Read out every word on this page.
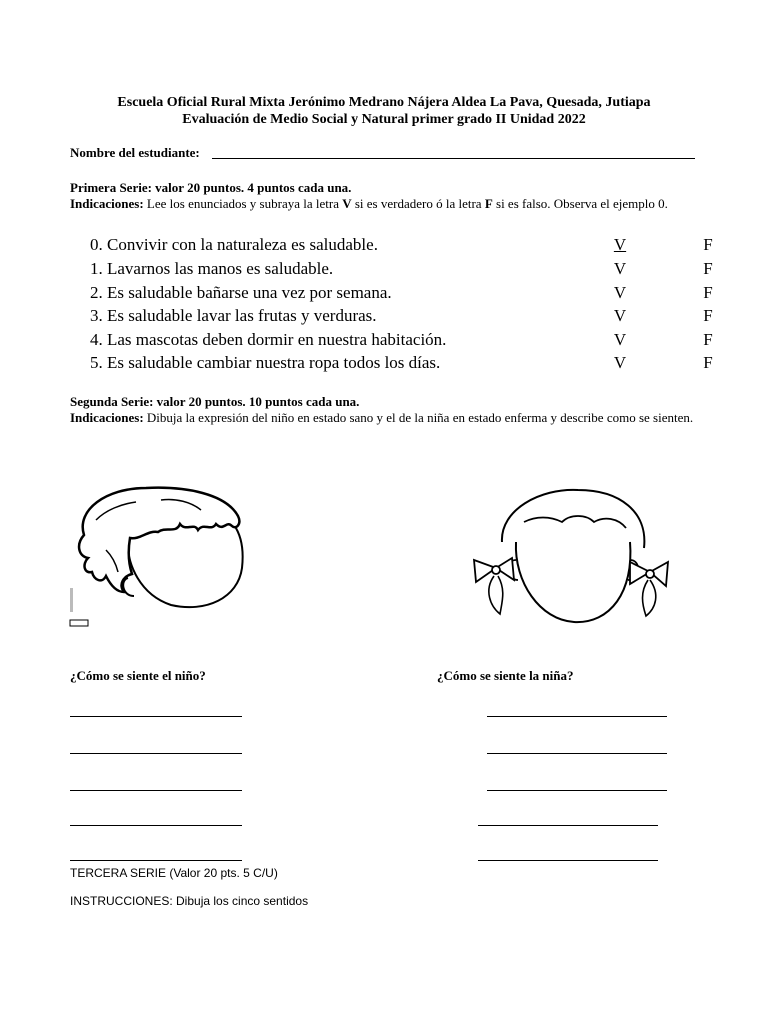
Escuela Oficial Rural Mixta Jerónimo Medrano Nájera Aldea La Pava, Quesada, Jutiapa
Evaluación de Medio Social y Natural primer grado II Unidad 2022
Nombre del estudiante:
Primera Serie: valor 20 puntos. 4 puntos cada una.
Indicaciones: Lee los enunciados y subraya la letra V si es verdadero ó la letra F si es falso. Observa el ejemplo 0.
0. Convivir con la naturaleza es saludable.	V	F
1. Lavarnos las manos es saludable.	V	F
2. Es saludable bañarse una vez por semana.	V	F
3. Es saludable lavar las frutas y verduras.	V	F
4. Las mascotas deben dormir en nuestra habitación.	V	F
5. Es saludable cambiar nuestra ropa todos los días.	V	F
Segunda Serie: valor 20 puntos. 10 puntos cada una.
Indicaciones: Dibuja la expresión del niño en estado sano y el de la niña en estado enferma y describe como se sienten.
¿Cómo se siente el niño?	¿Cómo se siente la niña?
TERCERA SERIE (Valor 20 pts. 5 C/U)
INSTRUCCIONES: Dibuja los cinco sentidos
